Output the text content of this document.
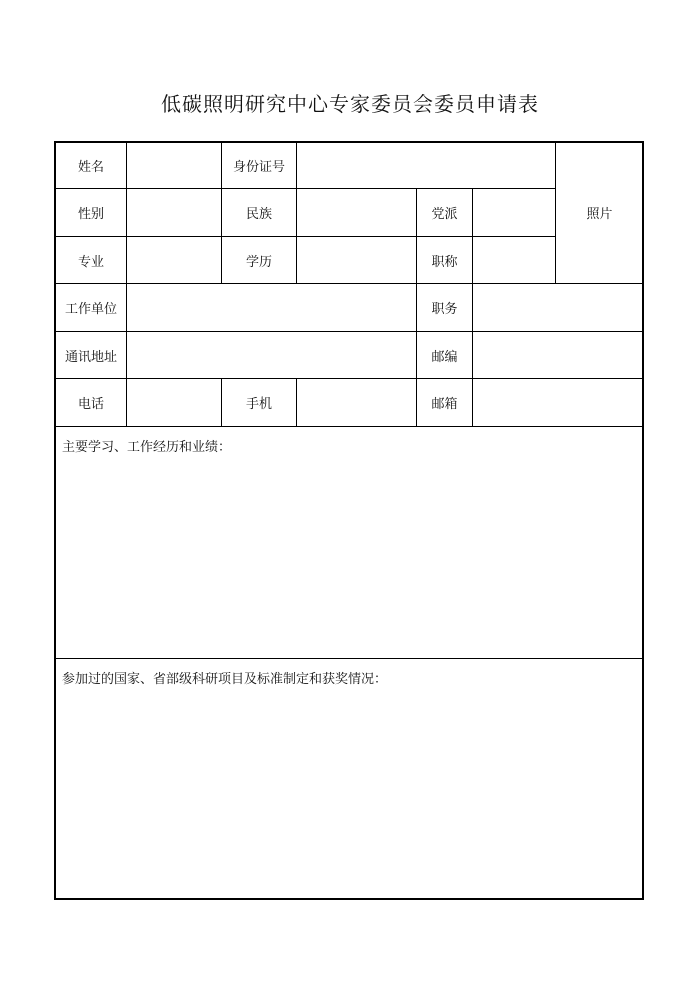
低碳照明研究中心专家委员会委员申请表
姓名	身份证号
照片
性别	民族	党派
专业	学历	职称
工作单位	职务
通讯地址	邮编
电话	手机	邮箱
主要学习、工作经历和业绩：
参加过的国家、省部级科研项目及标准制定和获奖情况：
